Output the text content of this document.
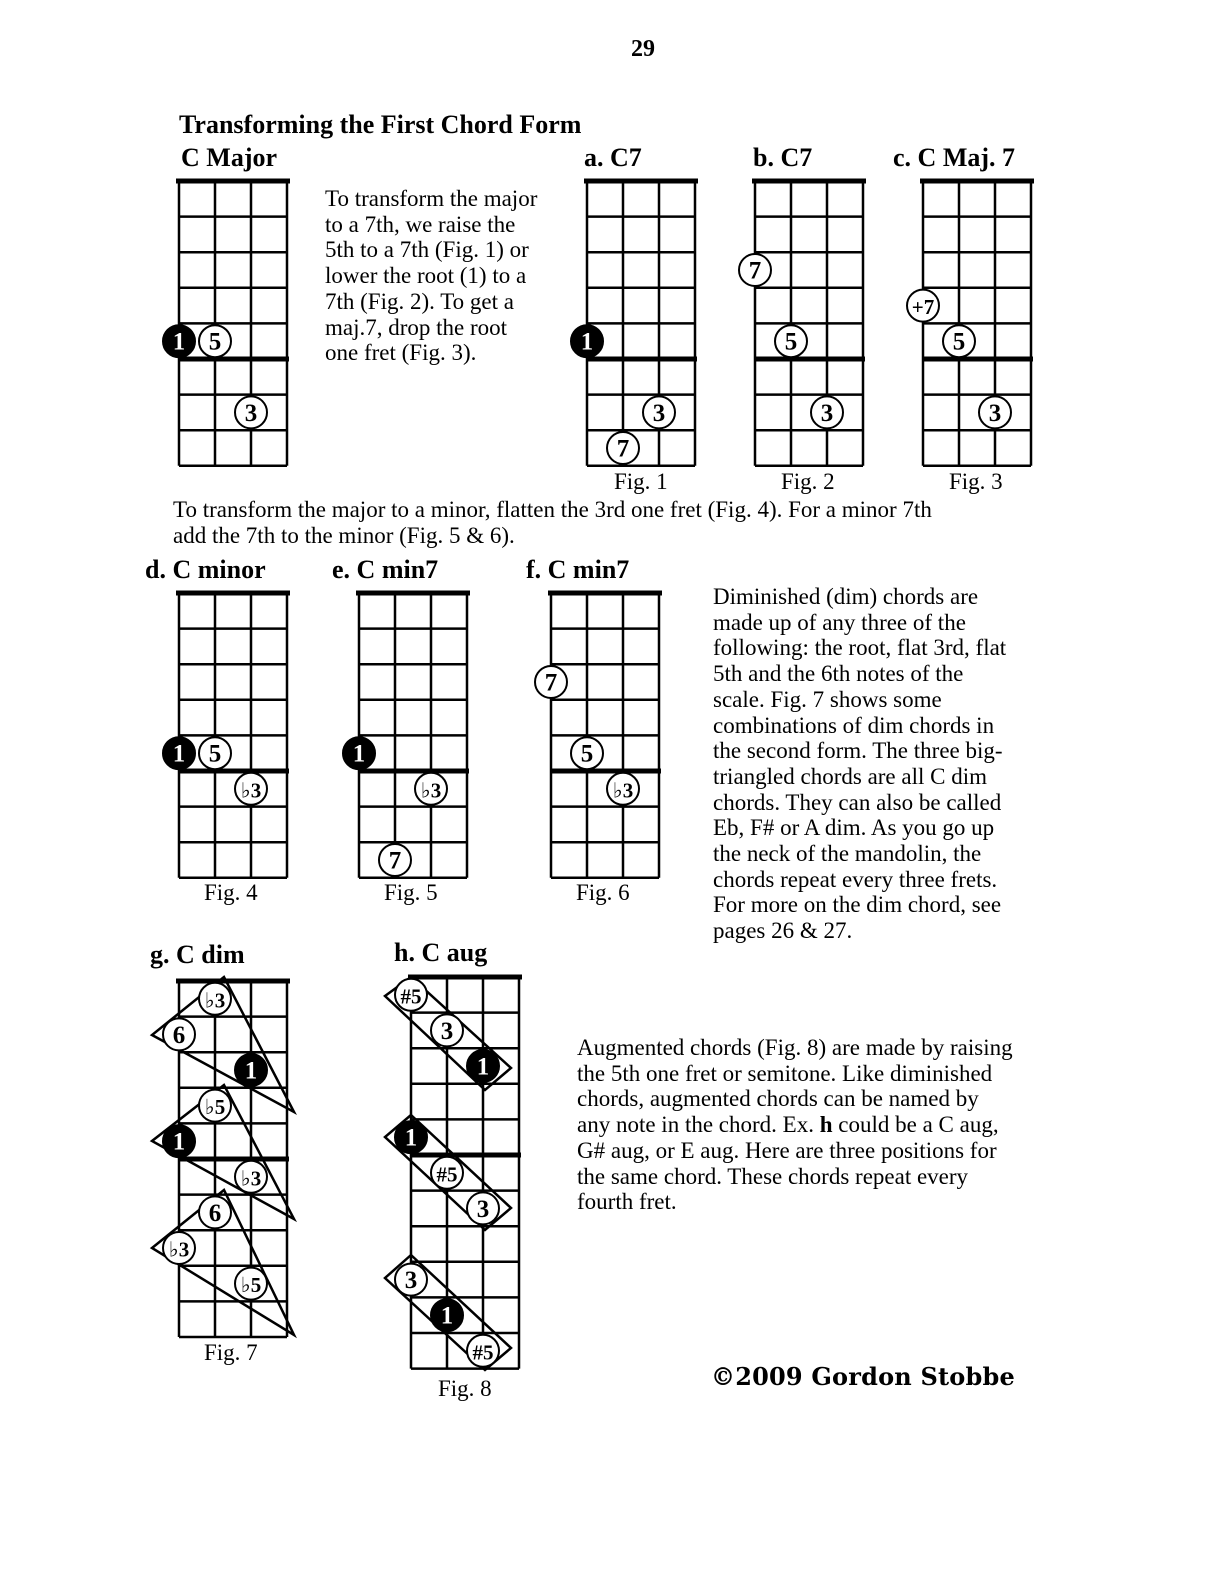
29
Transforming the First Chord Form
To transform the major
to a 7th, we raise the
5th to a 7th (Fig. 1) or
lower the root (1) to a
7th (Fig. 2). To get a
maj.7, drop the root
one fret (Fig. 3).
To transform the major to a minor, flatten the 3rd one fret (Fig. 4). For a minor 7th
add the 7th to the minor (Fig. 5 & 6).
Diminished (dim) chords are
made up of any three of the
following: the root, flat 3rd, flat
5th and the 6th notes of the
scale. Fig. 7 shows some
combinations of dim chords in
the second form. The three big-
triangled chords are all C dim
chords. They can also be called
Eb, F# or A dim. As you go up
the neck of the mandolin, the
chords repeat every three frets.
For more on the dim chord, see
pages 26 & 27.
Augmented chords (Fig. 8) are made by raising
the 5th one fret or semitone. Like diminished
chords, augmented chords can be named by
any note in the chord. Ex. h could be a C aug,
G# aug, or E aug. Here are three positions for
the same chord. These chords repeat every
fourth fret.
©2009 Gordon Stobbe
C Major	a. C7
Fig. 1
b. C7
Fig. 2
c. C Maj. 7
Fig. 3
d. C minor
Fig. 4
e. C min7
Fig. 5
f. C min7
Fig. 6
g. C dim
Fig. 7
h. C aug
Fig. 8
1 5
3
1
3
7
7
5
3
+7
5
3
1 5
♭3
1
♭3
7
7
5
♭3
♭3
6
1
♭5
1
♭3
6
♭3
♭5
#5
3
1
1
#5
3
3
1
#5
